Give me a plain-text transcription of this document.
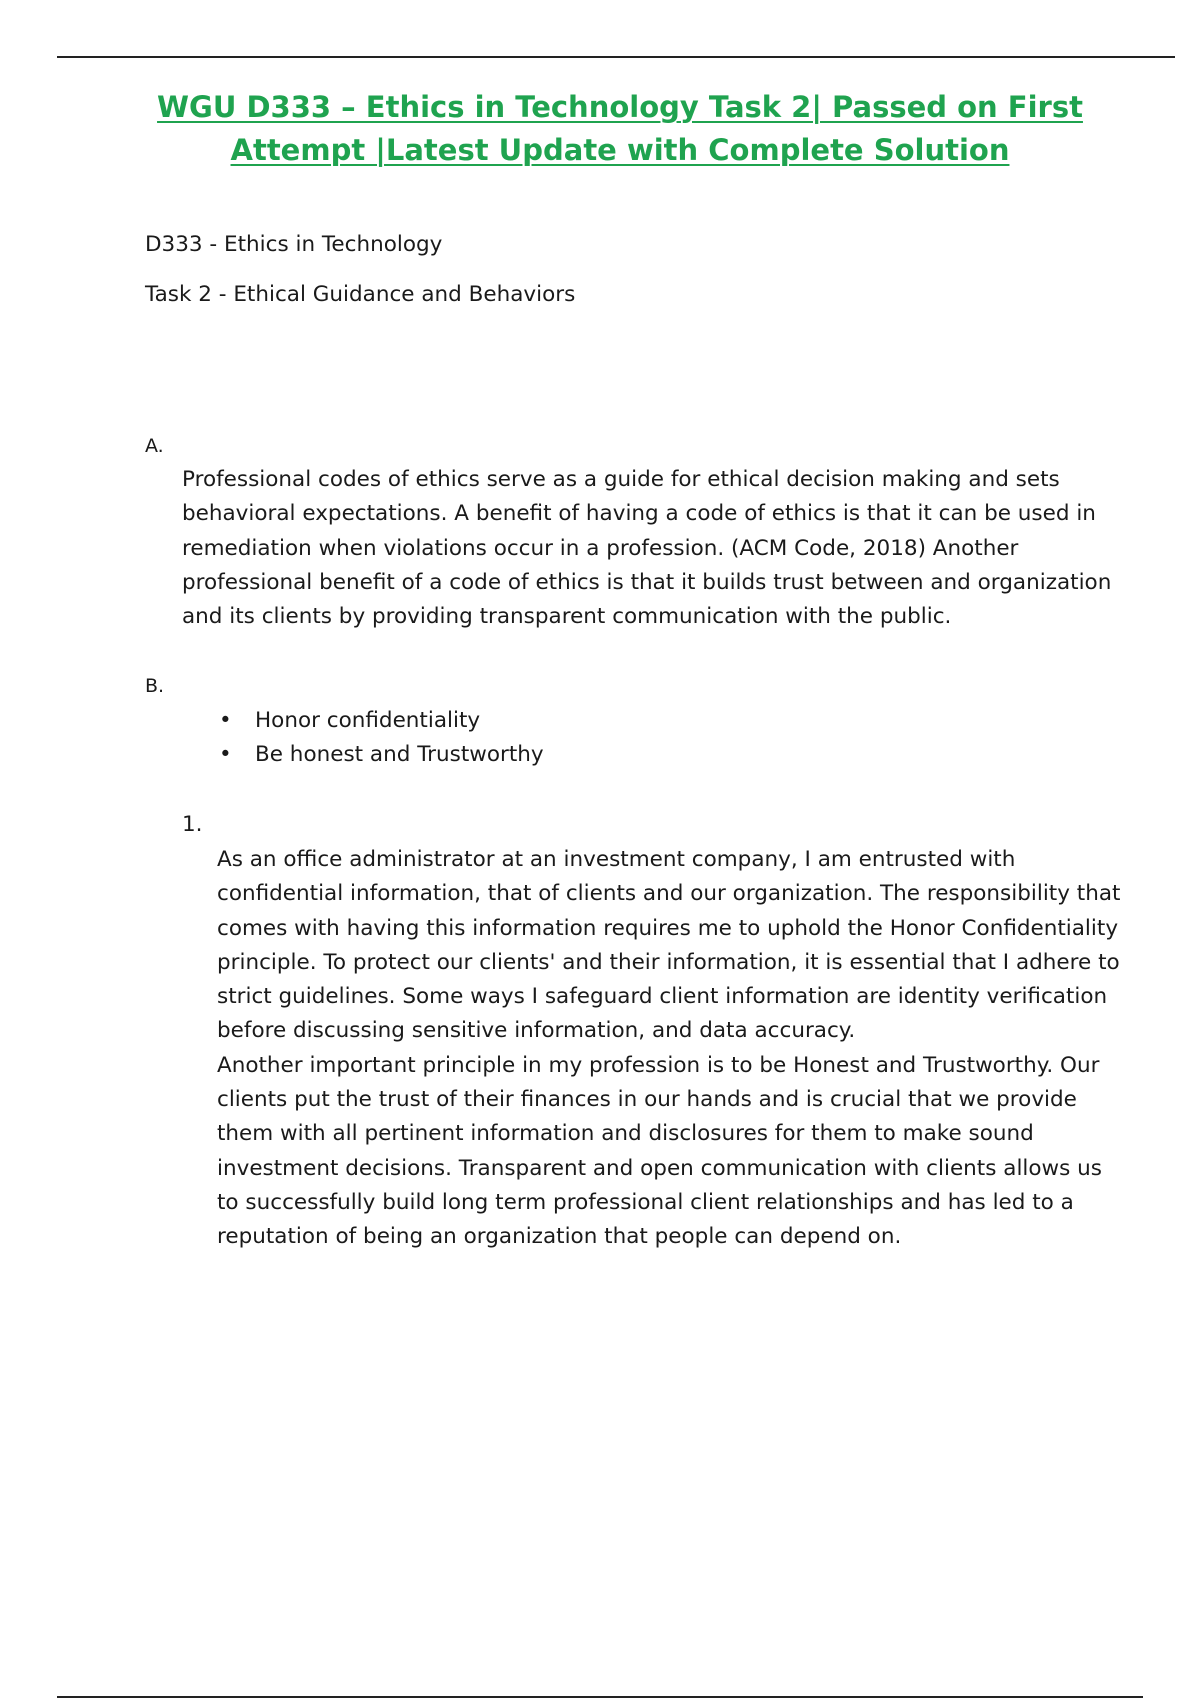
WGU D333 – Ethics in Technology Task 2| Passed on First
Attempt |Latest Update with Complete Solution
D333 - Ethics in Technology
Task 2 - Ethical Guidance and Behaviors
A.
Professional codes of ethics serve as a guide for ethical decision making and sets
behavioral expectations. A benefit of having a code of ethics is that it can be used in
remediation when violations occur in a profession. (ACM Code, 2018) Another
professional benefit of a code of ethics is that it builds trust between and organization
and its clients by providing transparent communication with the public.
B.
• Honor confidentiality
• Be honest and Trustworthy
1.
As an office administrator at an investment company, I am entrusted with
confidential information, that of clients and our organization. The responsibility that
comes with having this information requires me to uphold the Honor Confidentiality
principle. To protect our clients' and their information, it is essential that I adhere to
strict guidelines. Some ways I safeguard client information are identity verification
before discussing sensitive information, and data accuracy.
Another important principle in my profession is to be Honest and Trustworthy. Our
clients put the trust of their finances in our hands and is crucial that we provide
them with all pertinent information and disclosures for them to make sound
investment decisions. Transparent and open communication with clients allows us
to successfully build long term professional client relationships and has led to a
reputation of being an organization that people can depend on.
